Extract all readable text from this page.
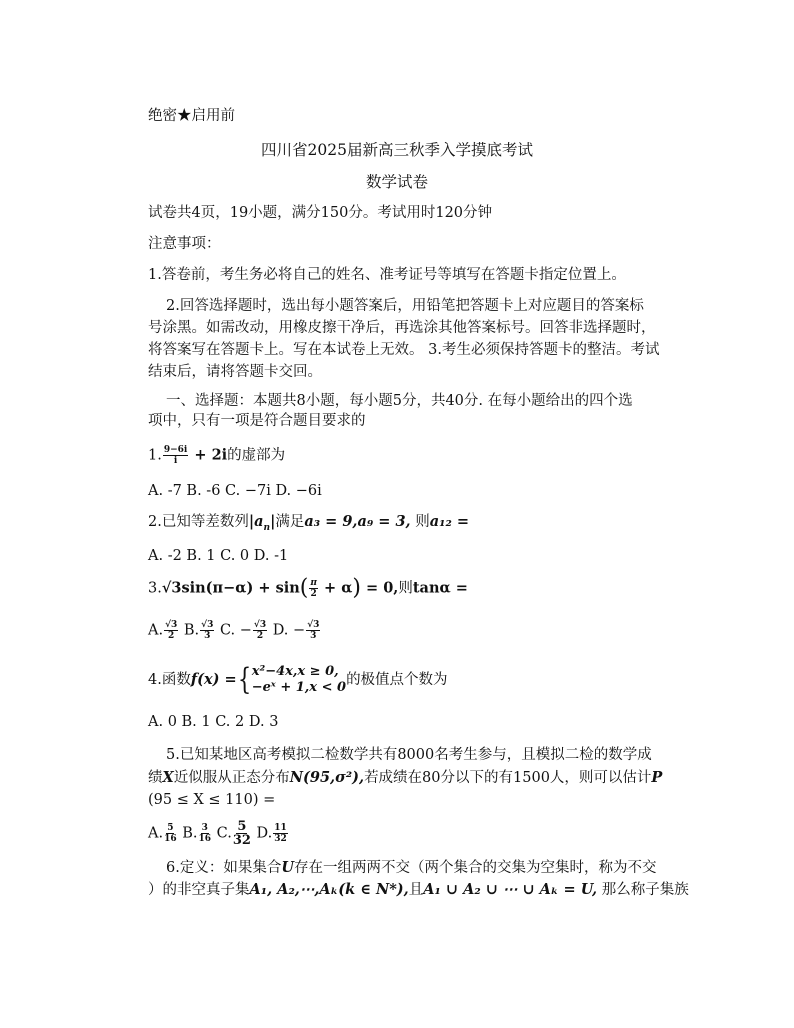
绝密★启用前
四川省2025届新高三秋季入学摸底考试
数学试卷
试卷共4页，19小题，满分150分。考试用时120分钟
注意事项：
1.答卷前，考生务必将自己的姓名、准考证号等填写在答题卡指定位置上。
2.回答选择题时，选出每小题答案后，用铅笔把答题卡上对应题目的答案标
号涂黑。如需改动，用橡皮擦干净后，再选涂其他答案标号。回答非选择题时，
将答案写在答题卡上。写在本试卷上无效。 3.考生必须保持答题卡的整洁。考试
结束后，请将答题卡交回。
一、选择题：本题共8小题，每小题5分，共40分. 在每小题给出的四个选
项中，只有一项是符合题目要求的
1. $\frac{9-6i}{i} + 2i$的虚部为
A. -7 B. -6 C. −7i D. −6i
2.已知等差数列$|a_n|$满足a₃ = 9,a₉ = 3, 则a₁₂ =
A. -2 B. 1 C. 0 D. -1
$3.√3\sin(\pi-\alpha) + \sin( \frac{\pi}{2} + \alpha) = 0$,则tanα =
A. $\frac{√3}{2} B$. $\frac{√3}{3} C$. − $\frac{√3}{2} D$. − $\frac{√3}{3}$
4.函数f(x) ={ x²−4x,x ≥ 0,
−eˣ + 1,x < 0 的极值点个数为
A. 0 B. 1 C. 2 D. 3
5.已知某地区高考模拟二检数学共有8000名考生参与，且模拟二检的数学成
绩X近似服从正态分布N(95,σ²),若成绩在80分以下的有1500人，则可以估计P
(95 ≤ X ≤ 110) =
A. $\frac{5}{16} B$. $\frac{3}{16} C$. $\frac{5}{32} D$. $\frac{11}{32}$
6.定义：如果集合U存在一组两两不交（两个集合的交集为空集时，称为不交
）的非空真子集A₁, A₂,⋯,Aₖ(k ∈ N*),且A₁ ∪ A₂ ∪ ⋯ ∪ Aₖ = U, 那么称子集族
